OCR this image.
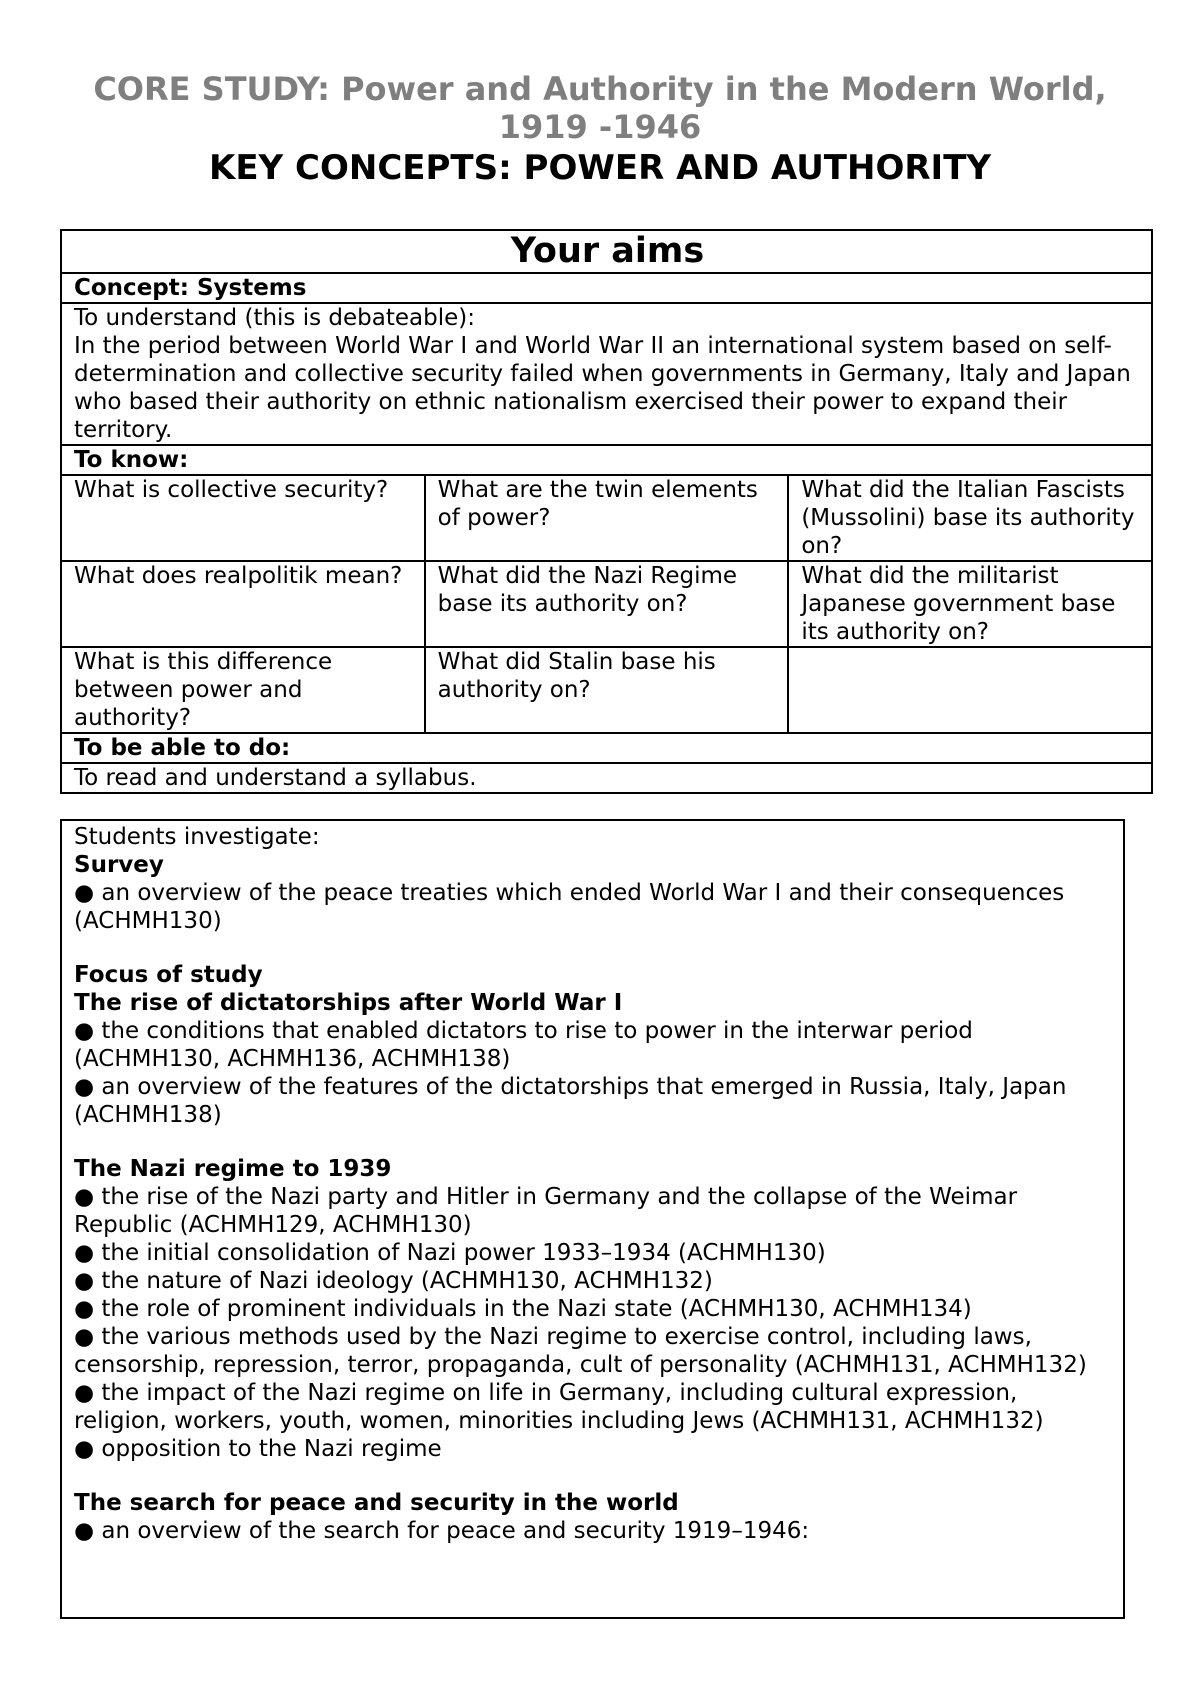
CORE STUDY: Power and Authority in the Modern World, 1919 -1946
KEY CONCEPTS: POWER AND AUTHORITY
Your aims		
Concept: Systems		

To understand (this is debateable):
In the period between World War I and World War II an international system based on self-determination and collective security failed when governments in Germany, Italy and Japan who based their authority on ethnic nationalism exercised their power to expand their territory.		

To know:		
What is collective security?	What are the twin elements of power?	What did the Italian Fascists (Mussolini) base its authority on?
What does realpolitik mean?	What did the Nazi Regime base its authority on?	What did the militarist Japanese government base its authority on?
What is this difference between power and authority?	What did Stalin base his authority on?	
To be able to do:		
To read and understand a syllabus.		

Students investigate:

Survey

● an overview of the peace treaties which ended World War I and their consequences (ACHMH130)

Focus of study

The rise of dictatorships after World War I

● the conditions that enabled dictators to rise to power in the interwar period (ACHMH130, ACHMH136, ACHMH138)

● an overview of the features of the dictatorships that emerged in Russia, Italy, Japan (ACHMH138)

The Nazi regime to 1939

● the rise of the Nazi party and Hitler in Germany and the collapse of the Weimar Republic (ACHMH129, ACHMH130)

● the initial consolidation of Nazi power 1933–1934 (ACHMH130)

● the nature of Nazi ideology (ACHMH130, ACHMH132)

● the role of prominent individuals in the Nazi state (ACHMH130, ACHMH134)

● the various methods used by the Nazi regime to exercise control, including laws, censorship, repression, terror, propaganda, cult of personality (ACHMH131, ACHMH132)

● the impact of the Nazi regime on life in Germany, including cultural expression, religion, workers, youth, women, minorities including Jews (ACHMH131, ACHMH132)

● opposition to the Nazi regime

The search for peace and security in the world

● an overview of the search for peace and security 1919–1946:
